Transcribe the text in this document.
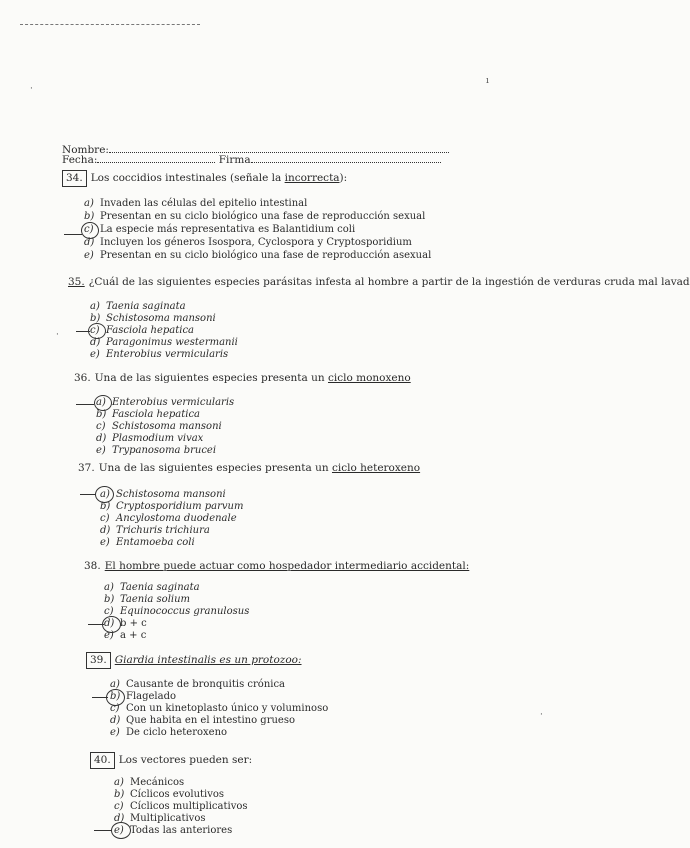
Nombre:
Fecha:	Firma
34. Los coccidios intestinales (señale la incorrecta):
a) Invaden las células del epitelio intestinal
b) Presentan en su ciclo biológico una fase de reproducción sexual
c) La especie más representativa es Balantidium coli
d) Incluyen los géneros Isospora, Cyclospora y Cryptosporidium
e) Presentan en su ciclo biológico una fase de reproducción asexual
35. ¿Cuál de las siguientes especies parásitas infesta al hombre a partir de la ingestión de verduras cruda mal lavad
a) Taenia saginata
b) Schistosoma mansoni
c) Fasciola hepatica
d) Paragonimus westermanii
e) Enterobius vermicularis
36. Una de las siguientes especies presenta un ciclo monoxeno
a) Enterobius vermicularis
b) Fasciola hepatica
c) Schistosoma mansoni
d) Plasmodium vivax
e) Trypanosoma brucei
37. Una de las siguientes especies presenta un ciclo heteroxeno
a) Schistosoma mansoni
b) Cryptosporidium parvum
c) Ancylostoma duodenale
d) Trichuris trichiura
e) Entamoeba coli
38. El hombre puede actuar como hospedador intermediario accidental:
a) Taenia saginata
b) Taenia solium
c) Equinococcus granulosus
d) b + c
e) a + c
39. Giardia intestinalis es un protozoo:
a) Causante de bronquitis crónica
b) Flagelado
c) Con un kinetoplasto único y voluminoso
d) Que habita en el intestino grueso
e) De ciclo heteroxeno
40. Los vectores pueden ser:
a) Mecánicos
b) Cíclicos evolutivos
c) Cíclicos multiplicativos
d) Multiplicativos
e) Todas las anteriores
·
ı
·
·
